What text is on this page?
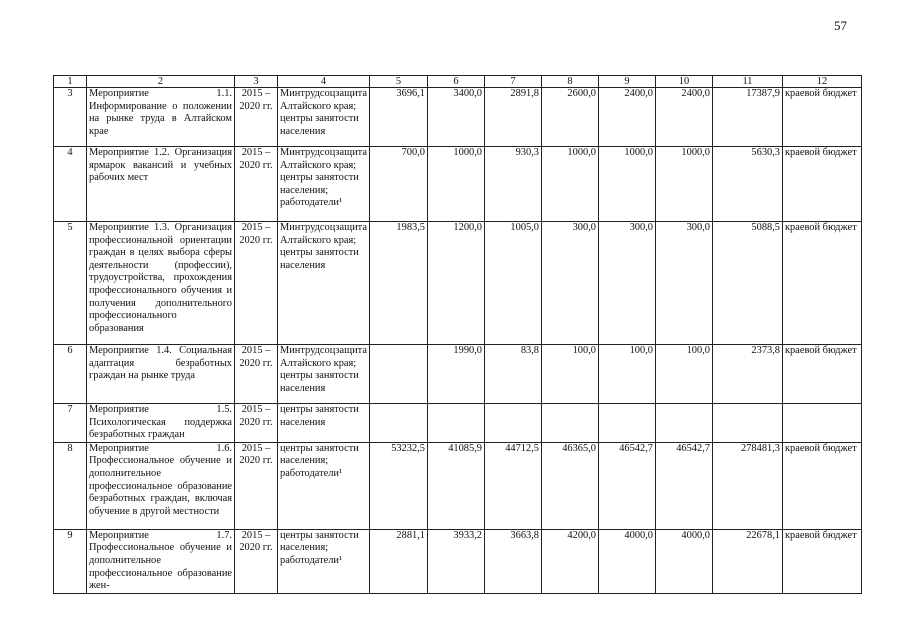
57
1	2	3	4	5	6	7	8	9	10	11	12
3	Мероприятие 1.1. Информирование о положении на рынке труда в Алтайском крае	2015 – 2020 гг.	Минтрудсоцзащита Алтайского края; центры занятости населения	3696,1	3400,0	2891,8	2600,0	2400,0	2400,0	17387,9	краевой бюджет
4	Мероприятие 1.2. Организация ярмарок вакансий и учебных рабочих мест	2015 – 2020 гг.	Минтрудсоцзащита Алтайского края; центры занятости населения; работодатели¹	700,0	1000,0	930,3	1000,0	1000,0	1000,0	5630,3	краевой бюджет
5	Мероприятие 1.3. Организация профессиональной ориентации граждан в целях выбора сферы деятельности (профессии), трудоустройства, прохождения профессионального обучения и получения дополнительного профессионального образования	2015 – 2020 гг.	Минтрудсоцзащита Алтайского края; центры занятости населения	1983,5	1200,0	1005,0	300,0	300,0	300,0	5088,5	краевой бюджет
6	Мероприятие 1.4. Социальная адаптация безработных граждан на рынке труда	2015 – 2020 гг.	Минтрудсоцзащита Алтайского края; центры занятости населения		1990,0	83,8	100,0	100,0	100,0	2373,8	краевой бюджет
7	Мероприятие 1.5. Психологическая поддержка безработных граждан	2015 – 2020 гг.	центры занятости населения								
8	Мероприятие 1.6. Профессиональное обучение и дополнительное профессиональное образование безработных граждан, включая обучение в другой местности	2015 – 2020 гг.	центры занятости населения; работодатели¹	53232,5	41085,9	44712,5	46365,0	46542,7	46542,7	278481,3	краевой бюджет
9	Мероприятие 1.7. Профессиональное обучение и дополнительное профессиональное образование жен-	2015 – 2020 гг.	центры занятости населения; работодатели¹	2881,1	3933,2	3663,8	4200,0	4000,0	4000,0	22678,1	краевой бюджет
